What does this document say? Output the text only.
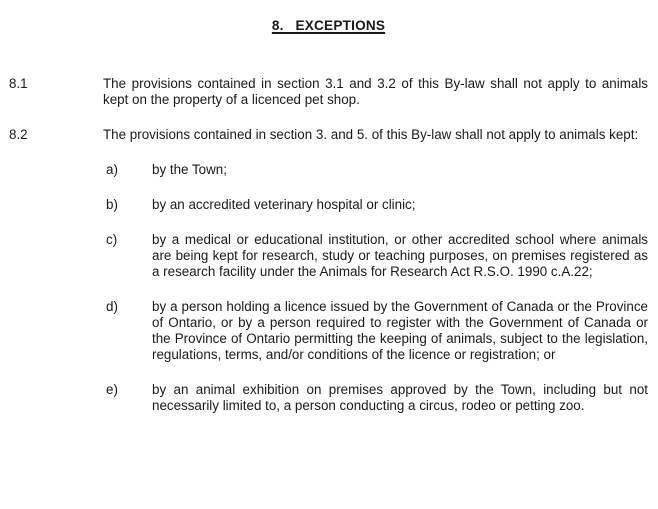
8.   EXCEPTIONS
8.1	The provisions contained in section 3.1 and 3.2 of this By-law shall not apply to animals kept on the property of a licenced pet shop.
8.2	The provisions contained in section 3. and 5. of this By-law shall not apply to animals kept:
a)	by the Town;
b)	by an accredited veterinary hospital or clinic;
c)	by a medical or educational institution, or other accredited school where animals are being kept for research, study or teaching purposes, on premises registered as a research facility under the Animals for Research Act R.S.O. 1990 c.A.22;
d)	by a person holding a licence issued by the Government of Canada or the Province of Ontario, or by a person required to register with the Government of Canada or the Province of Ontario permitting the keeping of animals, subject to the legislation, regulations, terms, and/or conditions of the licence or registration; or
e)	by an animal exhibition on premises approved by the Town, including but not necessarily limited to, a person conducting a circus, rodeo or petting zoo.
